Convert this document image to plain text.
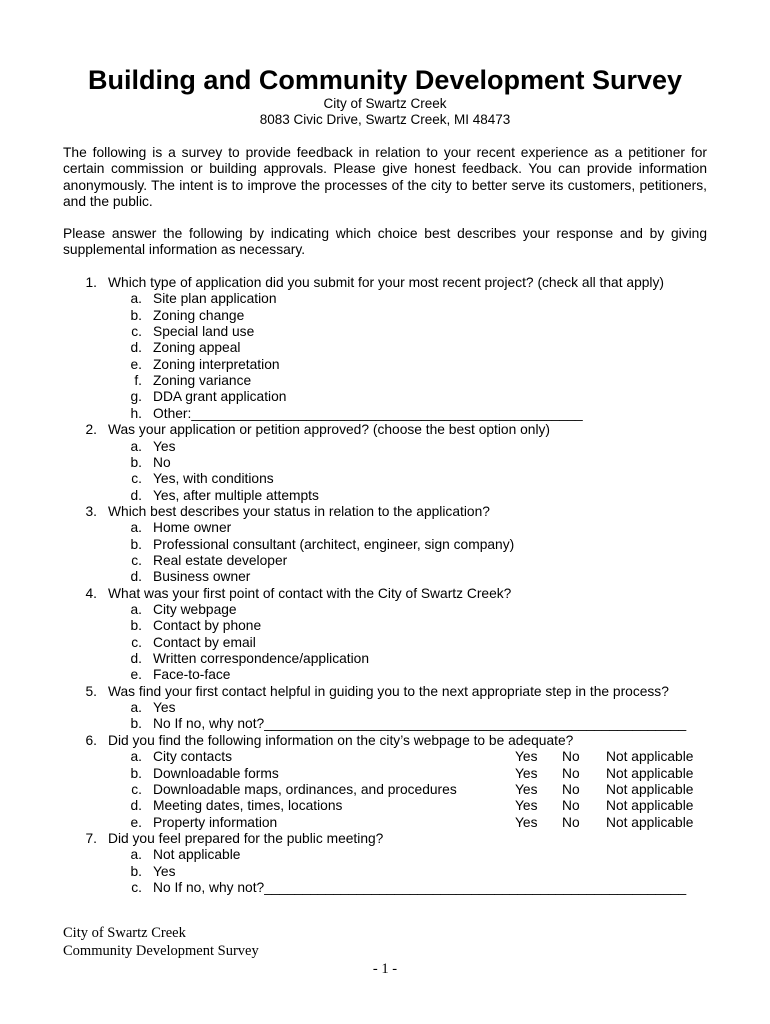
Building and Community Development Survey
City of Swartz Creek
8083 Civic Drive, Swartz Creek, MI 48473

The following is a survey to provide feedback in relation to your recent experience as a petitioner for certain commission or building approvals. Please give honest feedback. You can provide information anonymously. The intent is to improve the processes of the city to better serve its customers, petitioners, and the public.

Please answer the following by indicating which choice best describes your response and by giving supplemental information as necessary.

1. Which type of application did you submit for your most recent project? (check all that apply)
a. Site plan application
b. Zoning change
c. Special land use
d. Zoning appeal
e. Zoning interpretation
f. Zoning variance
g. DDA grant application
h. Other:___________________________________________________
2. Was your application or petition approved? (choose the best option only)
a. Yes
b. No
c. Yes, with conditions
d. Yes, after multiple attempts
3. Which best describes your status in relation to the application?
a. Home owner
b. Professional consultant (architect, engineer, sign company)
c. Real estate developer
d. Business owner
4. What was your first point of contact with the City of Swartz Creek?
a. City webpage
b. Contact by phone
c. Contact by email
d. Written correspondence/application
e. Face-to-face
5. Was find your first contact helpful in guiding you to the next appropriate step in the process?
a. Yes
b. No If no, why not?_______________________________________________________
6. Did you find the following information on the city’s webpage to be adequate?
a. City contacts	Yes No Not applicable
b. Downloadable forms	Yes No Not applicable
c. Downloadable maps, ordinances, and procedures	Yes No Not applicable
d. Meeting dates, times, locations	Yes No Not applicable
e. Property information	Yes No Not applicable
7. Did you feel prepared for the public meeting?
a. Not applicable
b. Yes
c. No If no, why not?_______________________________________________________
City of Swartz Creek
Community Development Survey
- 1 -
